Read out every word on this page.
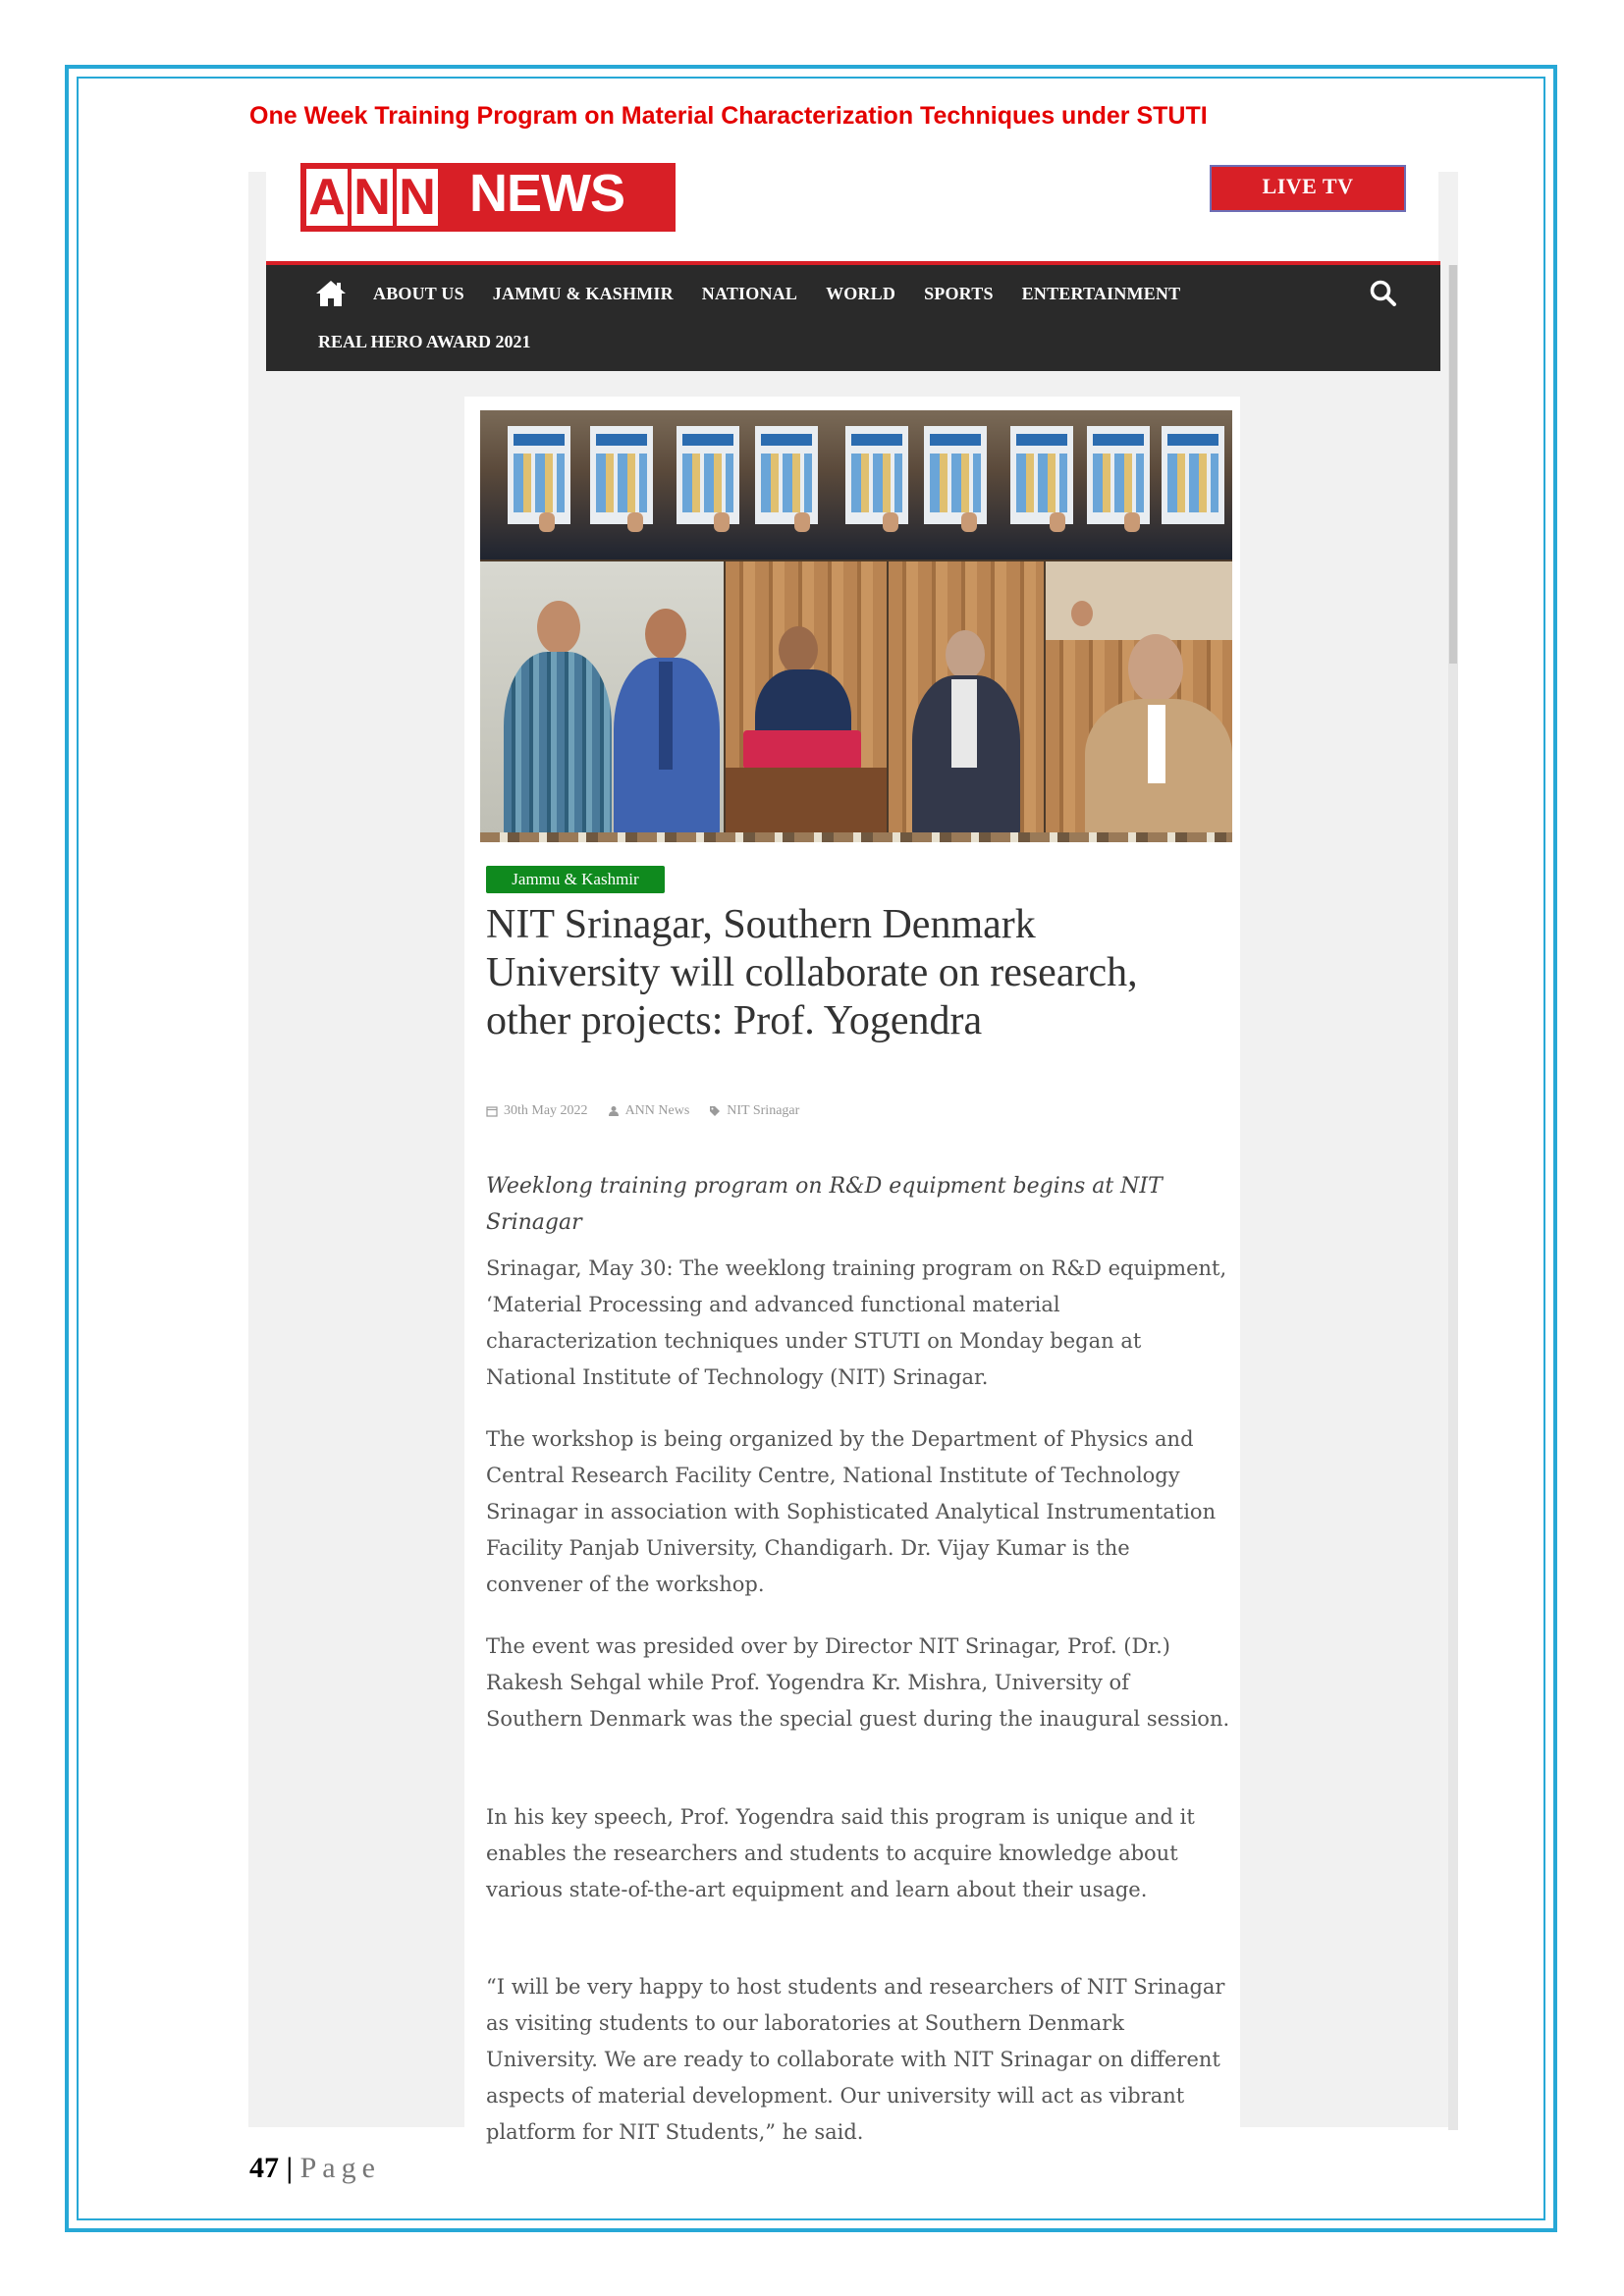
One Week Training Program on Material Characterization Techniques under STUTI
A N N NEWS	LIVE TV
ABOUT US JAMMU & KASHMIR NATIONAL WORLD SPORTS ENTERTAINMENT
REAL HERO AWARD 2021
Jammu & Kashmir
NIT Srinagar, Southern Denmark University will collaborate on research, other projects: Prof. Yogendra
30th May 2022	ANN News	NIT Srinagar
Weeklong training program on R&D equipment begins at NIT Srinagar

Srinagar, May 30: The weeklong training program on R&D equipment, ‘Material Processing and advanced functional material characterization techniques under STUTI on Monday began at National Institute of Technology (NIT) Srinagar.

The workshop is being organized by the Department of Physics and Central Research Facility Centre, National Institute of Technology Srinagar in association with Sophisticated Analytical Instrumentation Facility Panjab University, Chandigarh. Dr. Vijay Kumar is the convener of the workshop.

The event was presided over by Director NIT Srinagar, Prof. (Dr.) Rakesh Sehgal while Prof. Yogendra Kr. Mishra, University of Southern Denmark was the special guest during the inaugural session.

In his key speech, Prof. Yogendra said this program is unique and it enables the researchers and students to acquire knowledge about various state-of-the-art equipment and learn about their usage.

“I will be very happy to host students and researchers of NIT Srinagar as visiting students to our laboratories at Southern Denmark University. We are ready to collaborate with NIT Srinagar on different aspects of material development. Our university will act as vibrant platform for NIT Students,” he said.

47 | Page
